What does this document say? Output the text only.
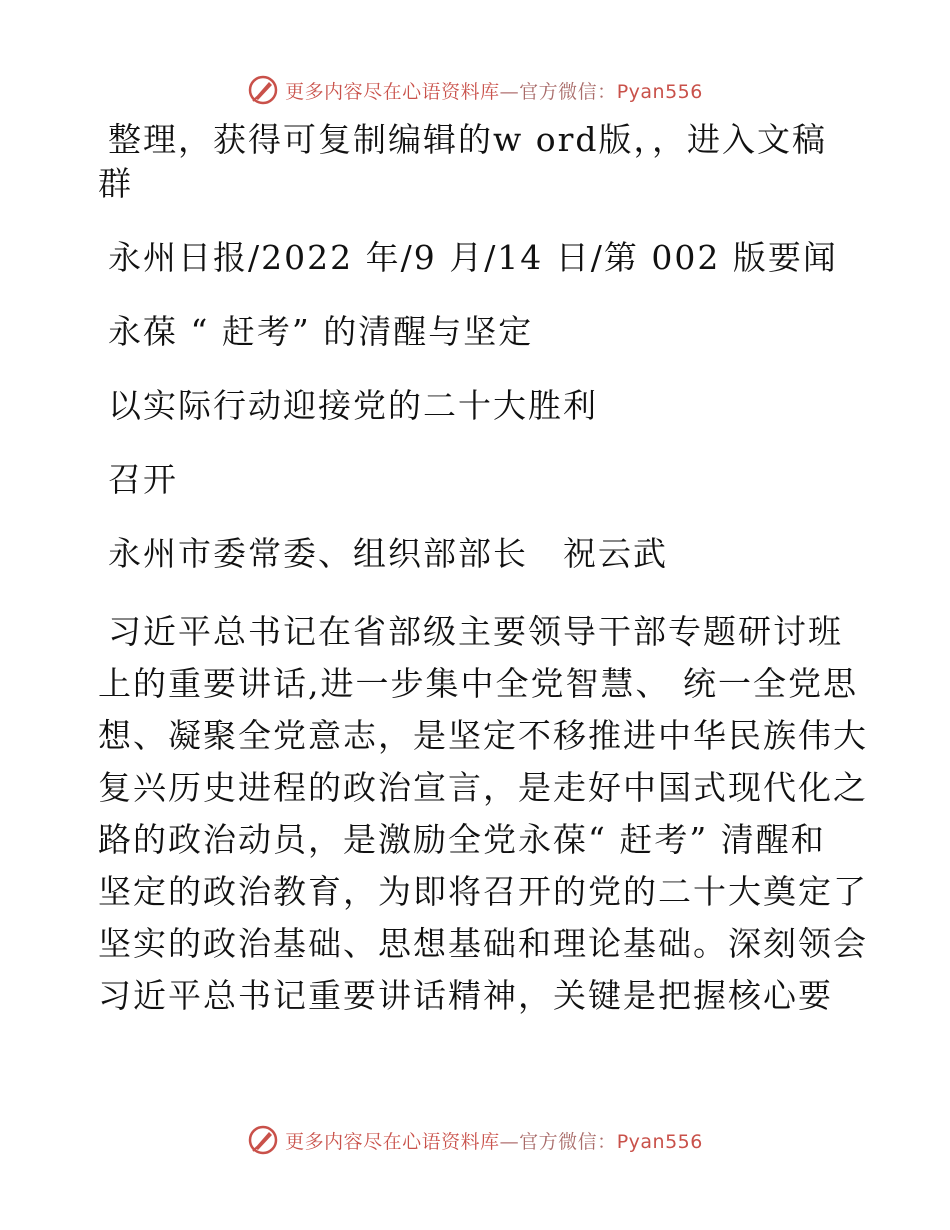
更多内容尽在心语资料库—官方微信：Pyan556
整理，获得可复制编辑的w ord版，，进入文稿
群
永州日报/2022 年/9 月/14 日/第 002 版要闻
永葆 “ 赶考” 的清醒与坚定
以实际行动迎接党的二十大胜利
召开
永州市委常委、组织部部长　祝云武
习近平总书记在省部级主要领导干部专题研讨班
上的重要讲话,进一步集中全党智慧、 统一全党思
想、凝聚全党意志，是坚定不移推进中华民族伟大
复兴历史进程的政治宣言，是走好中国式现代化之
路的政治动员，是激励全党永葆“ 赶考” 清醒和
坚定的政治教育，为即将召开的党的二十大奠定了
坚实的政治基础、思想基础和理论基础。深刻领会
习近平总书记重要讲话精神，关键是把握核心要
更多内容尽在心语资料库—官方微信：Pyan556
